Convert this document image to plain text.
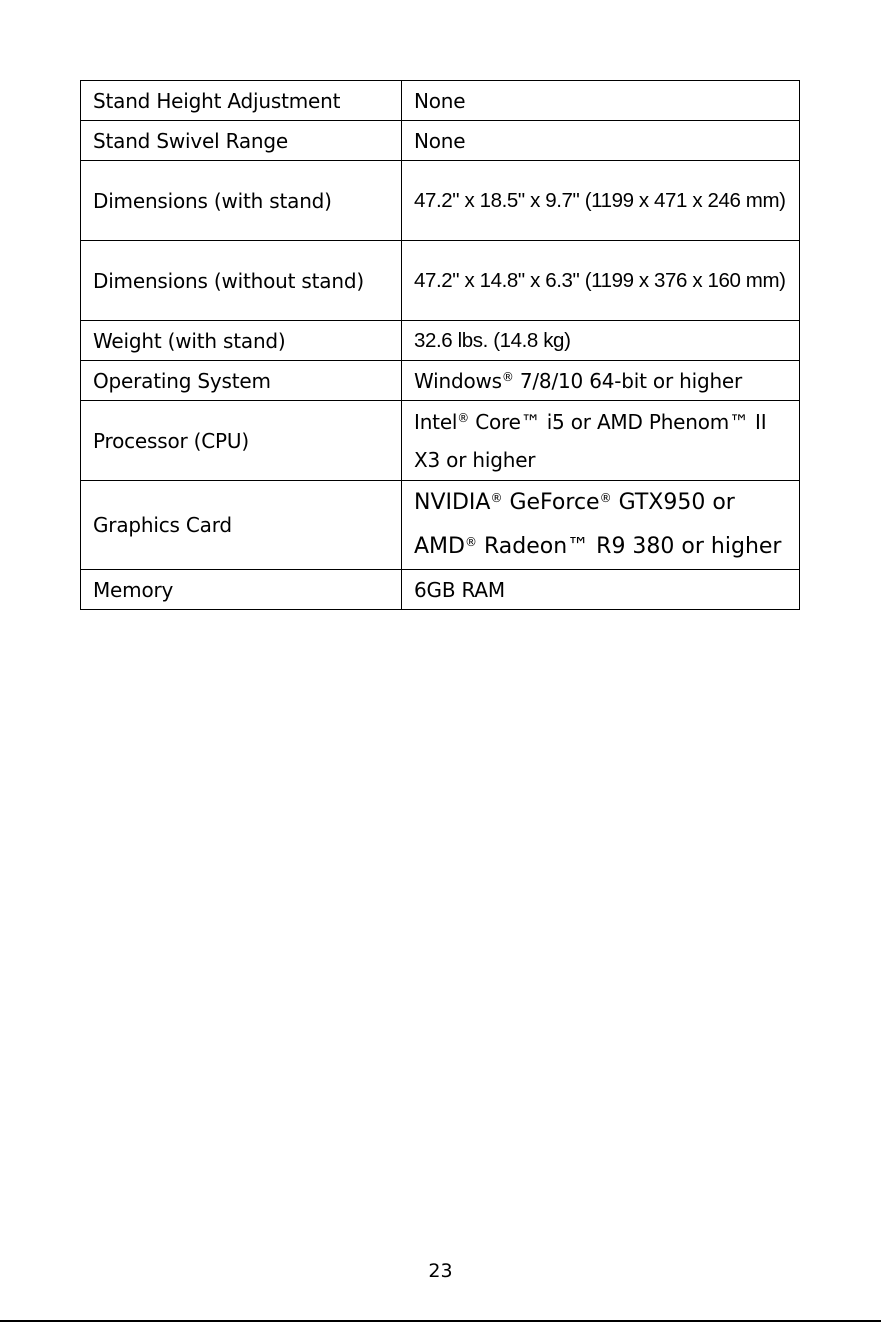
Stand Height Adjustment	None
Stand Swivel Range	None
Dimensions (with stand)	47.2" x 18.5" x 9.7" (1199 x 471 x 246 mm)
Dimensions (without stand)	47.2" x 14.8" x 6.3" (1199 x 376 x 160 mm)
Weight (with stand)	32.6 lbs. (14.8 kg)
Operating System	Windows® 7/8/10 64-bit or higher
Processor (CPU)	Intel® Core™ i5 or AMD Phenom™ II X3 or higher
Graphics Card	NVIDIA® GeForce® GTX950 or AMD® Radeon™ R9 380 or higher
Memory	6GB RAM
23
